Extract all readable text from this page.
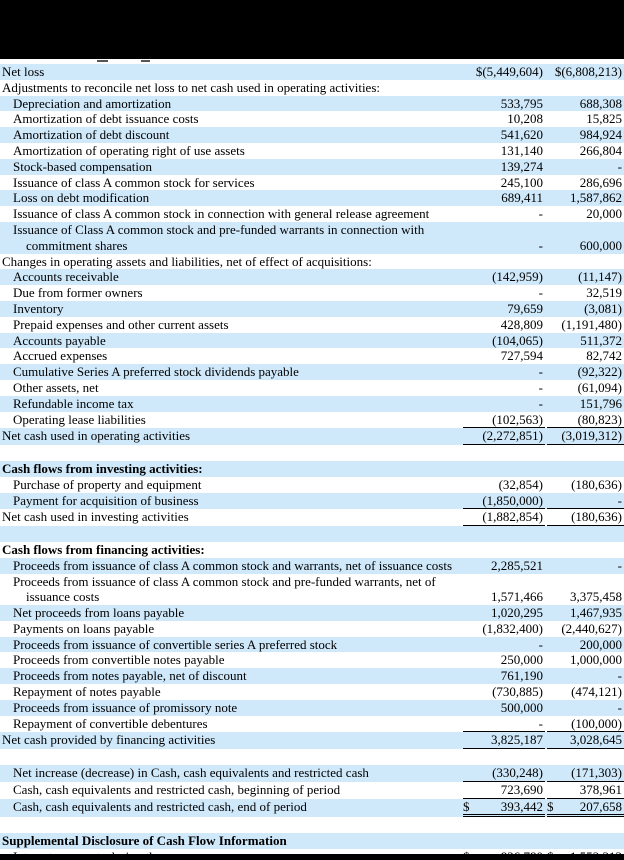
Net loss	$(5,449,604) $(6,808,213)
Adjustments to reconcile net loss to net cash used in operating activities:
Depreciation and amortization	533,795	688,308
Amortization of debt issuance costs	10,208	15,825
Amortization of debt discount	541,620	984,924
Amortization of operating right of use assets	131,140	266,804
Stock-based compensation	139,274	-
Issuance of class A common stock for services	245,100	286,696
Loss on debt modification	689,411 1,587,862
Issuance of class A common stock in connection with general release agreement	-	20,000
Issuance of Class A common stock and pre-funded warrants in connection with
commitment shares	-	600,000
Changes in operating assets and liabilities, net of effect of acquisitions:
Accounts receivable	(142,959)	(11,147)
Due from former owners	-	32,519
Inventory	79,659	(3,081)
Prepaid expenses and other current assets	428,809 (1,191,480)
Accounts payable	(104,065)	511,372
Accrued expenses	727,594	82,742
Cumulative Series A preferred stock dividends payable	-	(92,322)
Other assets, net	-	(61,094)
Refundable income tax	-	151,796
Operating lease liabilities	(102,563)	(80,823)
Net cash used in operating activities	(2,272,851) (3,019,312)
Cash flows from investing activities:
Purchase of property and equipment	(32,854) (180,636)
Payment for acquisition of business	(1,850,000)	-
Net cash used in investing activities	(1,882,854) (180,636)
Cash flows from financing activities:
Proceeds from issuance of class A common stock and warrants, net of issuance costs	2,285,521	-
Proceeds from issuance of class A common stock and pre-funded warrants, net of
issuance costs	1,571,466 3,375,458
Net proceeds from loans payable	1,020,295 1,467,935
Payments on loans payable	(1,832,400) (2,440,627)
Proceeds from issuance of convertible series A preferred stock	-	200,000
Proceeds from convertible notes payable	250,000 1,000,000
Proceeds from notes payable, net of discount	761,190	-
Repayment of notes payable	(730,885) (474,121)
Proceeds from issuance of promissory note	500,000	-
Repayment of convertible debentures	- (100,000)
Net cash provided by financing activities	3,825,187 3,028,645
Net increase (decrease) in Cash, cash equivalents and restricted cash	(330,248) (171,303)
Cash, cash equivalents and restricted cash, beginning of period	723,690	378,961
Cash, cash equivalents and restricted cash, end of period	$ 393,442 $ 207,658
Supplemental Disclosure of Cash Flow Information
